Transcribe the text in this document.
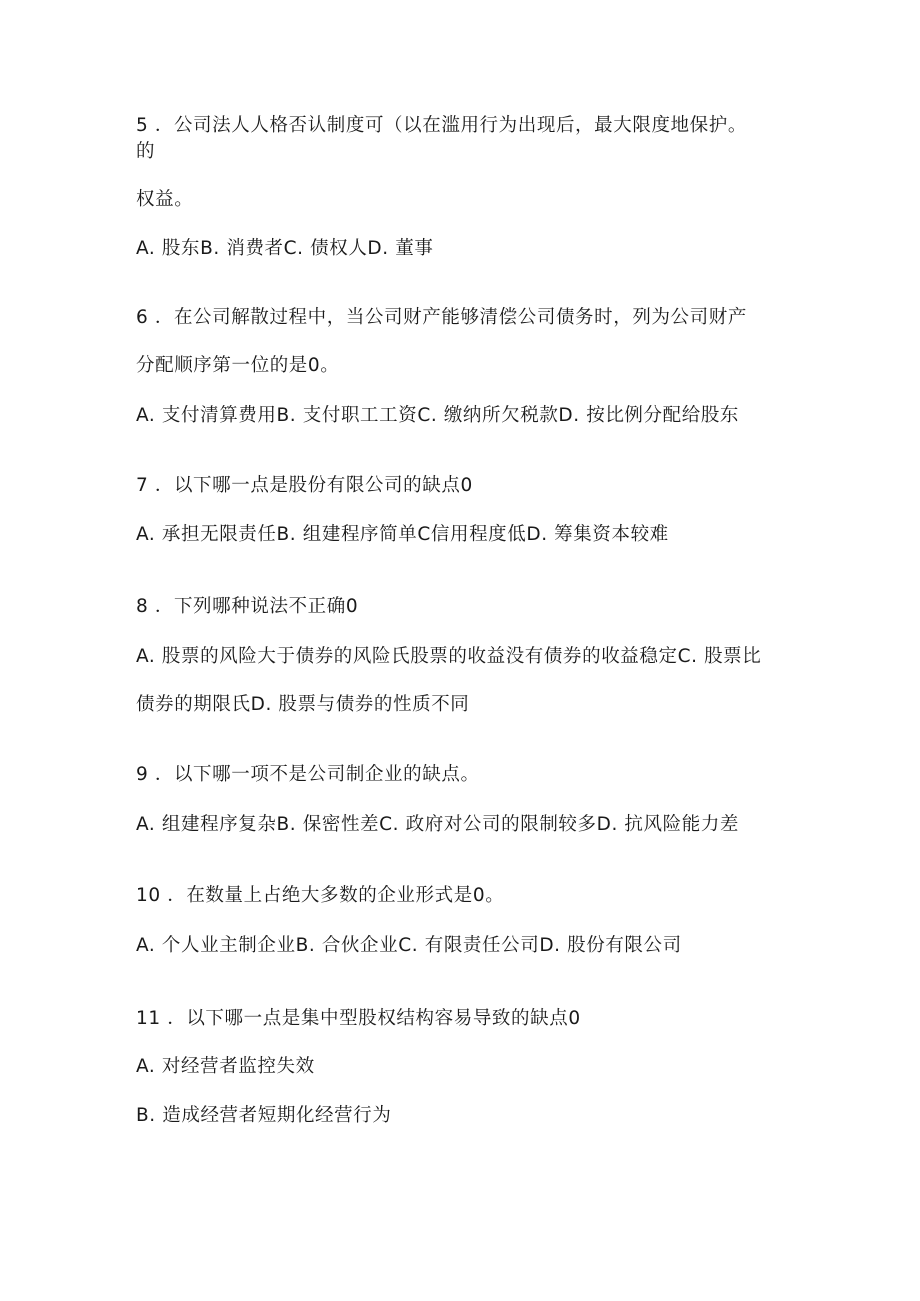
5 ．公司法人人格否认制度可（以在滥用行为出现后，最大限度地保护。
的
权益。
A. 股东B. 消费者C. 债权人D. 董事
6 ．在公司解散过程中，当公司财产能够清偿公司债务时，列为公司财产
分配顺序第一位的是0。
A. 支付清算费用B. 支付职工工资C. 缴纳所欠税款D. 按比例分配给股东
7 ．以下哪一点是股份有限公司的缺点0
A. 承担无限责任B. 组建程序简单C信用程度低D. 筹集资本较难
8 ．下列哪种说法不正确0
A. 股票的风险大于债券的风险氏股票的收益没有债券的收益稳定C. 股票比
债券的期限氏D. 股票与债券的性质不同
9 ．以下哪一项不是公司制企业的缺点。
A. 组建程序复杂B. 保密性差C. 政府对公司的限制较多D. 抗风险能力差
10 ．在数量上占绝大多数的企业形式是0。
A. 个人业主制企业B. 合伙企业C. 有限责任公司D. 股份有限公司
11 ．以下哪一点是集中型股权结构容易导致的缺点0
A. 对经营者监控失效
B. 造成经营者短期化经营行为
